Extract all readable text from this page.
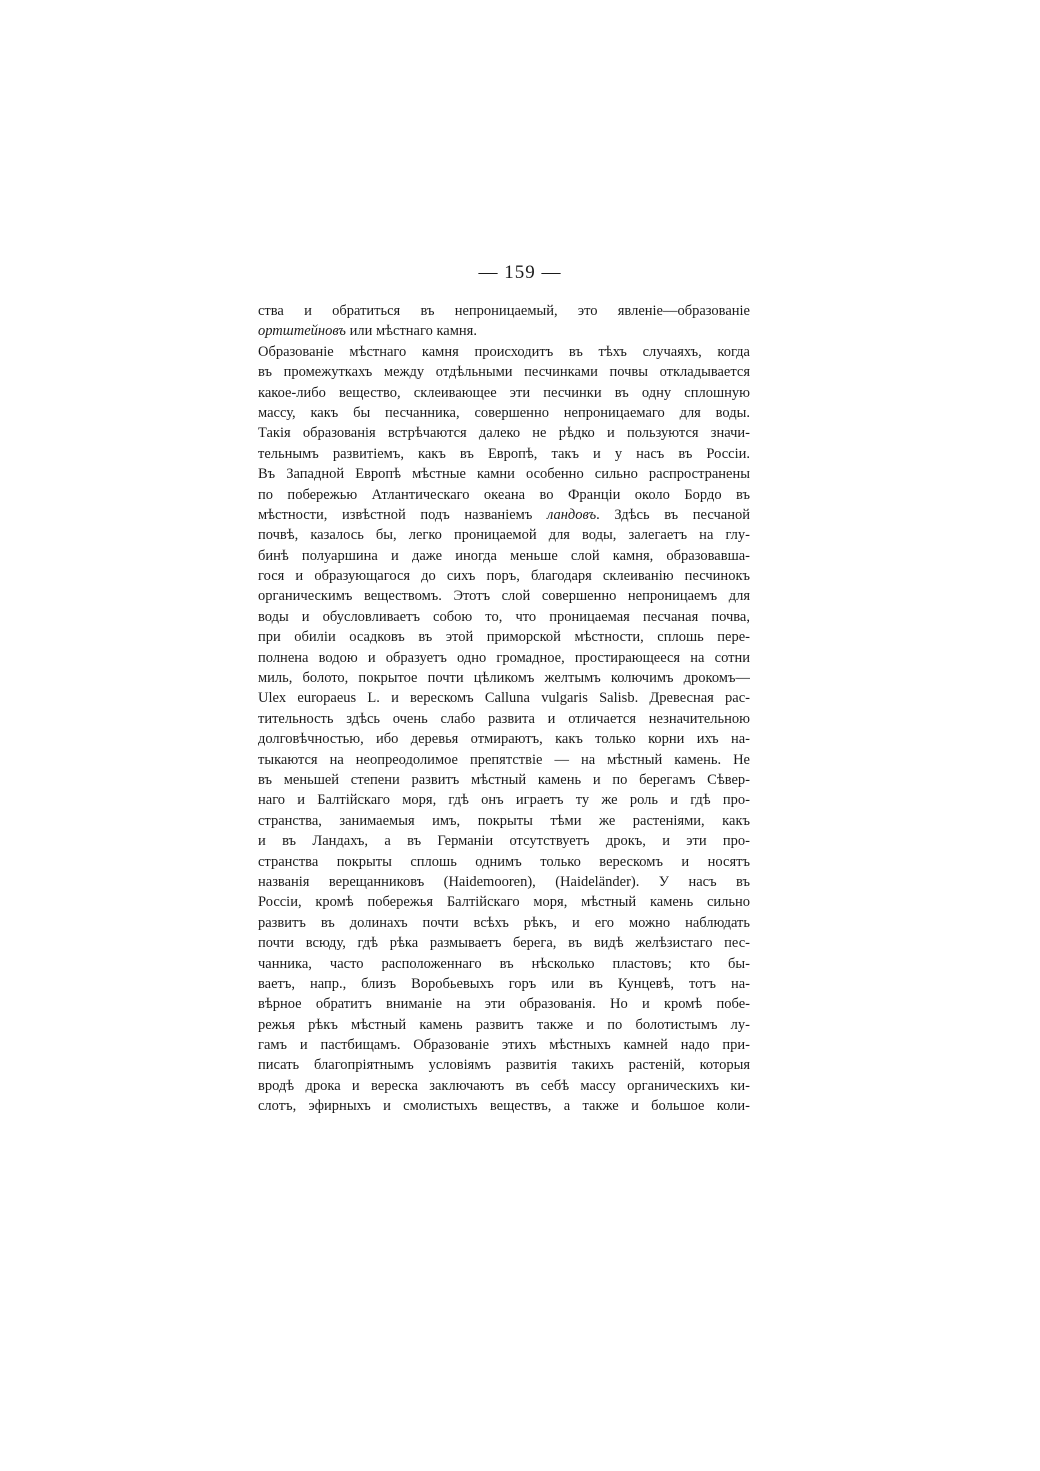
— 159 —
ства и обратиться въ непроницаемый, это явленіе—образованіе
ортштейновъ или мѣстнаго камня.
Образованіе мѣстнаго камня происходитъ въ тѣхъ случаяхъ, когда
въ промежуткахъ между отдѣльными песчинками почвы откладывается
какое-либо вещество, склеивающее эти песчинки въ одну сплошную
массу, какъ бы песчанника, совершенно непроницаемаго для воды.
Такія образованія встрѣчаются далеко не рѣдко и пользуются значи-
тельнымъ развитіемъ, какъ въ Европѣ, такъ и у насъ въ Россіи.
Въ Западной Европѣ мѣстные камни особенно сильно распространены
по побережью Атлантическаго океана во Франціи около Бордо въ
мѣстности, извѣстной подъ названіемъ ландовъ. Здѣсь въ песчаной
почвѣ, казалось бы, легко проницаемой для воды, залегаетъ на глу-
бинѣ полуаршина и даже иногда меньше слой камня, образовавша-
гося и образующагося до сихъ поръ, благодаря склеиванію песчинокъ
органическимъ веществомъ. Этотъ слой совершенно непроницаемъ для
воды и обусловливаетъ собою то, что проницаемая песчаная почва,
при обиліи осадковъ въ этой приморской мѣстности, сплошь пере-
полнена водою и образуетъ одно громадное, простирающееся на сотни
миль, болото, покрытое почти цѣликомъ желтымъ колючимъ дрокомъ—
Ulex europaeus L. и верескомъ Calluna vulgaris Salisb. Древесная рас-
тительность здѣсь очень слабо развита и отличается незначительною
долговѣчностью, ибо деревья отмираютъ, какъ только корни ихъ на-
тыкаются на неопреодолимое препятствіе — на мѣстный камень. Не
въ меньшей степени развитъ мѣстный камень и по берегамъ Сѣвер-
наго и Балтійскаго моря, гдѣ онъ играетъ ту же роль и гдѣ про-
странства, занимаемыя имъ, покрыты тѣми же растеніями, какъ
и въ Ландахъ, а въ Германіи отсутствуетъ дрокъ, и эти про-
странства покрыты сплошь однимъ только верескомъ и носятъ
названія верещанниковъ (Haidemooren), (Haideländer). У насъ въ
Россіи, кромѣ побережья Балтійскаго моря, мѣстный камень сильно
развитъ въ долинахъ почти всѣхъ рѣкъ, и его можно наблюдать
почти всюду, гдѣ рѣка размываетъ берега, въ видѣ желѣзистаго пес-
чанника, часто расположеннаго въ нѣсколько пластовъ; кто бы-
ваетъ, напр., близъ Воробьевыхъ горъ или въ Кунцевѣ, тотъ на-
вѣрное обратитъ вниманіе на эти образованія. Но и кромѣ побе-
режья рѣкъ мѣстный камень развитъ также и по болотистымъ лу-
гамъ и пастбищамъ. Образованіе этихъ мѣстныхъ камней надо при-
писать благопріятнымъ условіямъ развитія такихъ растеній, которыя
вродѣ дрока и вереска заключаютъ въ себѣ массу органическихъ ки-
слотъ, эфирныхъ и смолистыхъ веществъ, а также и большое коли-
